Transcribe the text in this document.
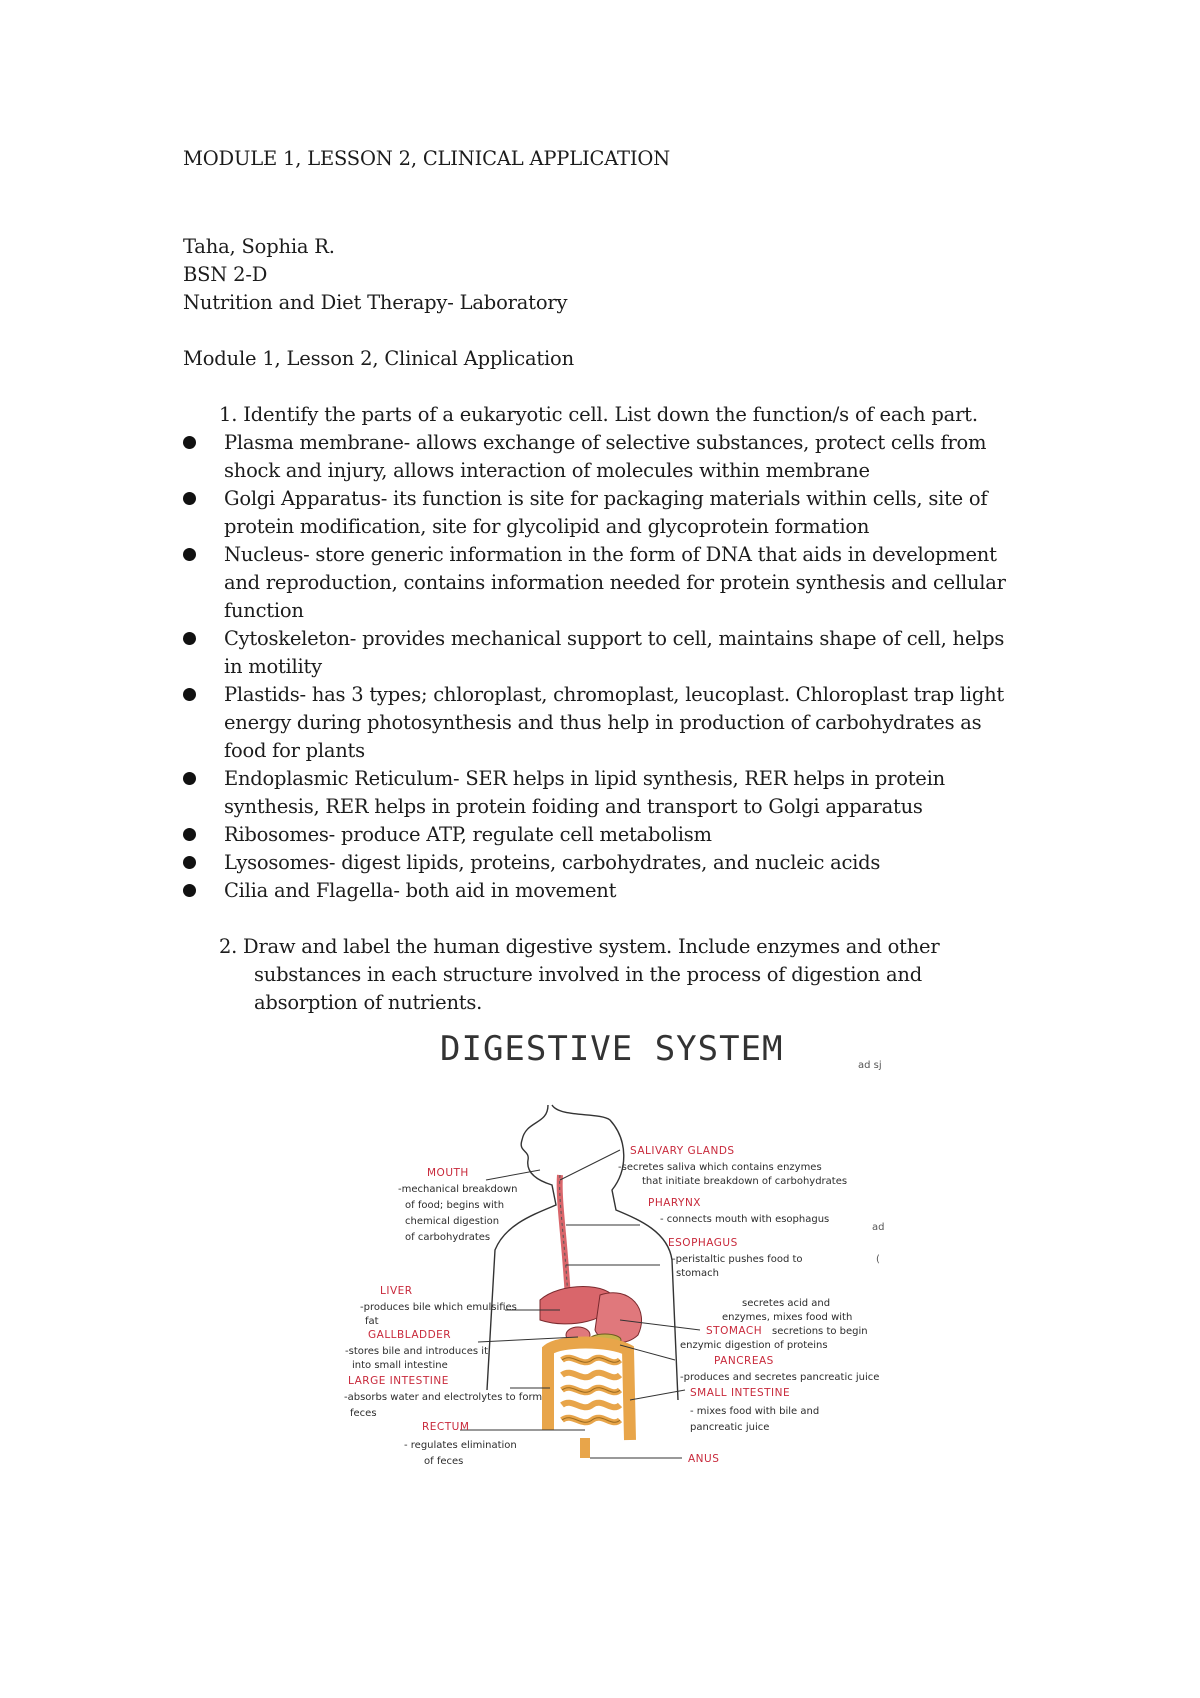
MODULE 1, LESSON 2, CLINICAL APPLICATION
Taha, Sophia R.
BSN 2-D
Nutrition and Diet Therapy- Laboratory
Module 1, Lesson 2, Clinical Application
1. Identify the parts of a eukaryotic cell. List down the function/s of each part.
Plasma membrane- allows exchange of selective substances, protect cells from
shock and injury, allows interaction of molecules within membrane
Golgi Apparatus- its function is site for packaging materials within cells, site of
protein modification, site for glycolipid and glycoprotein formation
Nucleus- store generic information in the form of DNA that aids in development
and reproduction, contains information needed for protein synthesis and cellular
function
Cytoskeleton- provides mechanical support to cell, maintains shape of cell, helps
in motility
Plastids- has 3 types; chloroplast, chromoplast, leucoplast. Chloroplast trap light
energy during photosynthesis and thus help in production of carbohydrates as
food for plants
Endoplasmic Reticulum- SER helps in lipid synthesis, RER helps in protein
synthesis, RER helps in protein foiding and transport to Golgi apparatus
Ribosomes- produce ATP, regulate cell metabolism
Lysosomes- digest lipids, proteins, carbohydrates, and nucleic acids
Cilia and Flagella- both aid in movement
2. Draw and label the human digestive system. Include enzymes and other
substances in each structure involved in the process of digestion and
absorption of nutrients.
ad sj
ad
(
DIGESTIVE SYSTEM
SALIVARY GLANDS
-secretes saliva which contains enzymes
that initiate breakdown of carbohydrates
MOUTH
-mechanical breakdown
of food; begins with
chemical digestion
of carbohydrates
PHARYNX
- connects mouth with esophagus
ESOPHAGUS
-peristaltic pushes food to
stomach
LIVER
-produces bile which emulsifies
fat
GALLBLADDER
-stores bile and introduces it
into small intestine
secretes acid and
enzymes, mixes food with
STOMACH secretions to begin
enzymic digestion of proteins
PANCREAS
-produces and secretes pancreatic juice
LARGE INTESTINE
-absorbs water and electrolytes to form
feces
SMALL INTESTINE
- mixes food with bile and
pancreatic juice
RECTUM
- regulates elimination
of feces	ANUS
